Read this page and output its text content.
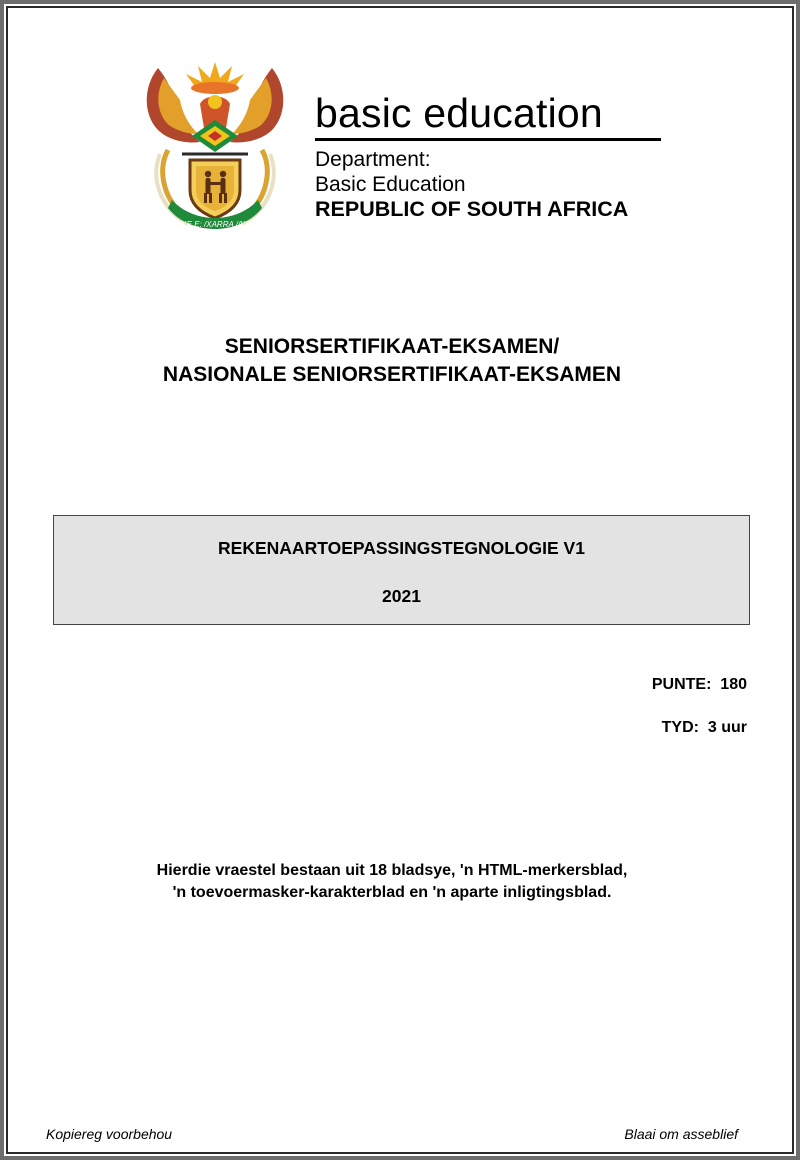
!KE E: /XARRA //KE
basic education
Department:
Basic Education
REPUBLIC OF SOUTH AFRICA
SENIORSERTIFIKAAT-EKSAMEN/
NASIONALE SENIORSERTIFIKAAT-EKSAMEN
REKENAARTOEPASSINGSTEGNOLOGIE V1
2021
PUNTE: 180
TYD: 3 uur
Hierdie vraestel bestaan uit 18 bladsye, 'n HTML-merkersblad,
'n toevoermasker-karakterblad en 'n aparte inligtingsblad.
Kopiereg voorbehou	Blaai om asseblief
